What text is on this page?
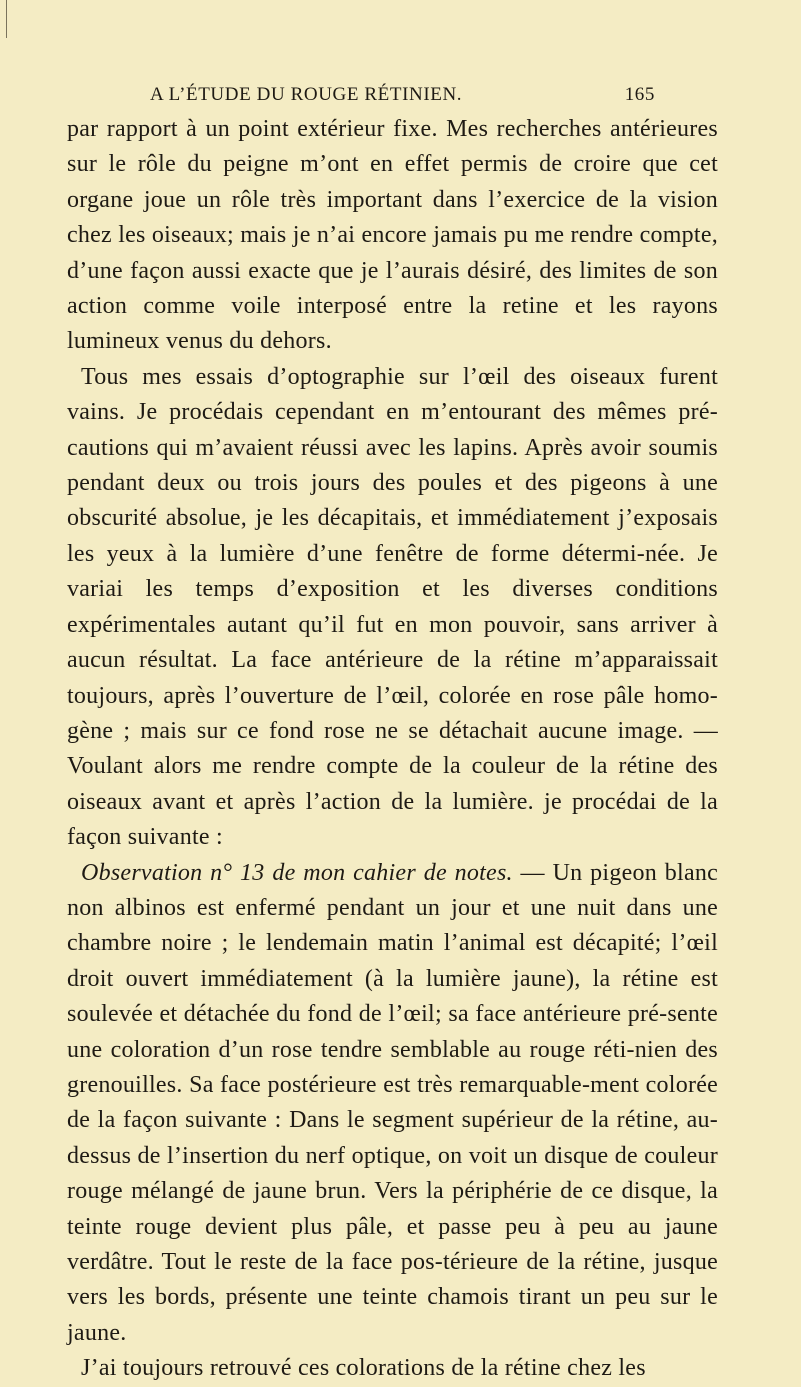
A L’ÉTUDE DU ROUGE RÉTINIEN.	165

par rapport à un point extérieur fixe. Mes recherches antérieures sur le rôle du peigne m’ont en effet permis de croire que cet organe joue un rôle très important dans l’exercice de la vision chez les oiseaux; mais je n’ai encore jamais pu me rendre compte, d’une façon aussi exacte que je l’aurais désiré, des limites de son action comme voile interposé entre la retine et les rayons lumineux venus du dehors.

Tous mes essais d’optographie sur l’œil des oiseaux furent vains. Je procédais cependant en m’entourant des mêmes pré-cautions qui m’avaient réussi avec les lapins. Après avoir soumis pendant deux ou trois jours des poules et des pigeons à une obscurité absolue, je les décapitais, et immédiatement j’exposais les yeux à la lumière d’une fenêtre de forme détermi-née. Je variai les temps d’exposition et les diverses conditions expérimentales autant qu’il fut en mon pouvoir, sans arriver à aucun résultat. La face antérieure de la rétine m’apparaissait toujours, après l’ouverture de l’œil, colorée en rose pâle homo-gène ; mais sur ce fond rose ne se détachait aucune image. — Voulant alors me rendre compte de la couleur de la rétine des oiseaux avant et après l’action de la lumière. je procédai de la façon suivante :

Observation n° 13 de mon cahier de notes. — Un pigeon blanc non albinos est enfermé pendant un jour et une nuit dans une chambre noire ; le lendemain matin l’animal est décapité; l’œil droit ouvert immédiatement (à la lumière jaune), la rétine est soulevée et détachée du fond de l’œil; sa face antérieure pré-sente une coloration d’un rose tendre semblable au rouge réti-nien des grenouilles. Sa face postérieure est très remarquable-ment colorée de la façon suivante : Dans le segment supérieur de la rétine, au-dessus de l’insertion du nerf optique, on voit un disque de couleur rouge mélangé de jaune brun. Vers la périphérie de ce disque, la teinte rouge devient plus pâle, et passe peu à peu au jaune verdâtre. Tout le reste de la face pos-térieure de la rétine, jusque vers les bords, présente une teinte chamois tirant un peu sur le jaune.

J’ai toujours retrouvé ces colorations de la rétine chez les
